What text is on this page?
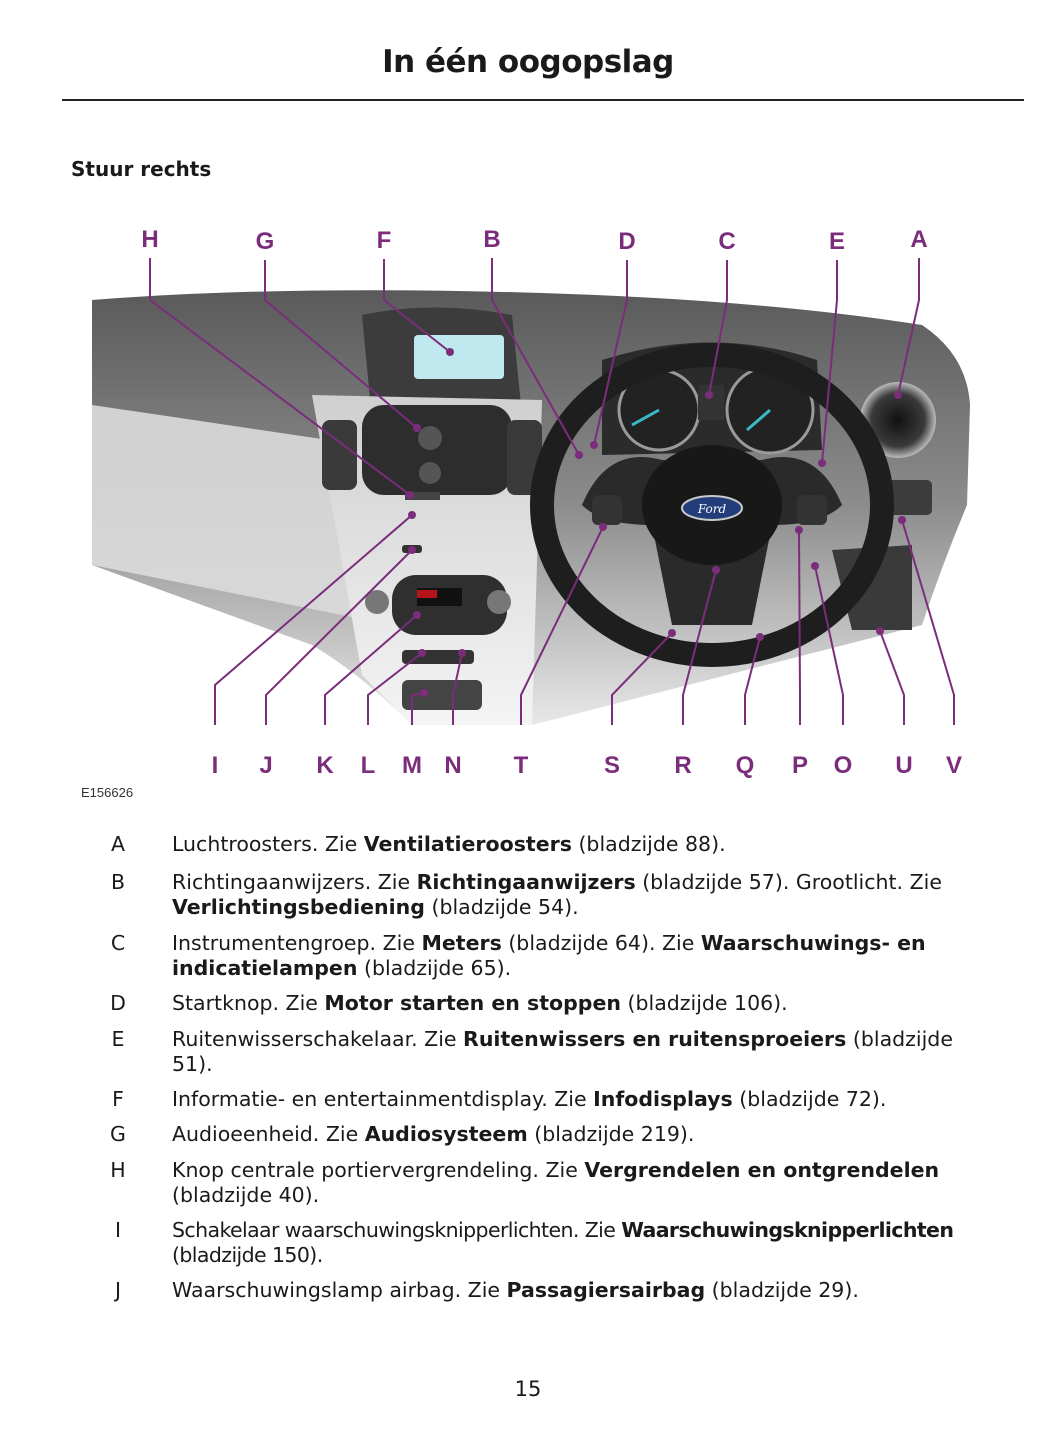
In één oogopslag
Stuur rechts
Ford
H	G	F	B	D	C	E	A
I J K L M N T	S R Q P O U V
E156626
A	Luchtroosters. Zie Ventilatieroosters (bladzijde 88).
B	Richtingaanwijzers. Zie Richtingaanwijzers (bladzijde 57). Grootlicht. Zie
Verlichtingsbediening (bladzijde 54).
C	Instrumentengroep. Zie Meters (bladzijde 64). Zie Waarschuwings- en
indicatielampen (bladzijde 65).
D	Startknop. Zie Motor starten en stoppen (bladzijde 106).
E	Ruitenwisserschakelaar. Zie Ruitenwissers en ruitensproeiers (bladzijde
51).
F	Informatie- en entertainmentdisplay. Zie Infodisplays (bladzijde 72).
G	Audioeenheid. Zie Audiosysteem (bladzijde 219).
H	Knop centrale portiervergrendeling. Zie Vergrendelen en ontgrendelen
(bladzijde 40).
I	Schakelaar waarschuwingsknipperlichten. Zie Waarschuwingsknipperlichten
(bladzijde 150).
J	Waarschuwingslamp airbag. Zie Passagiersairbag (bladzijde 29).
15
